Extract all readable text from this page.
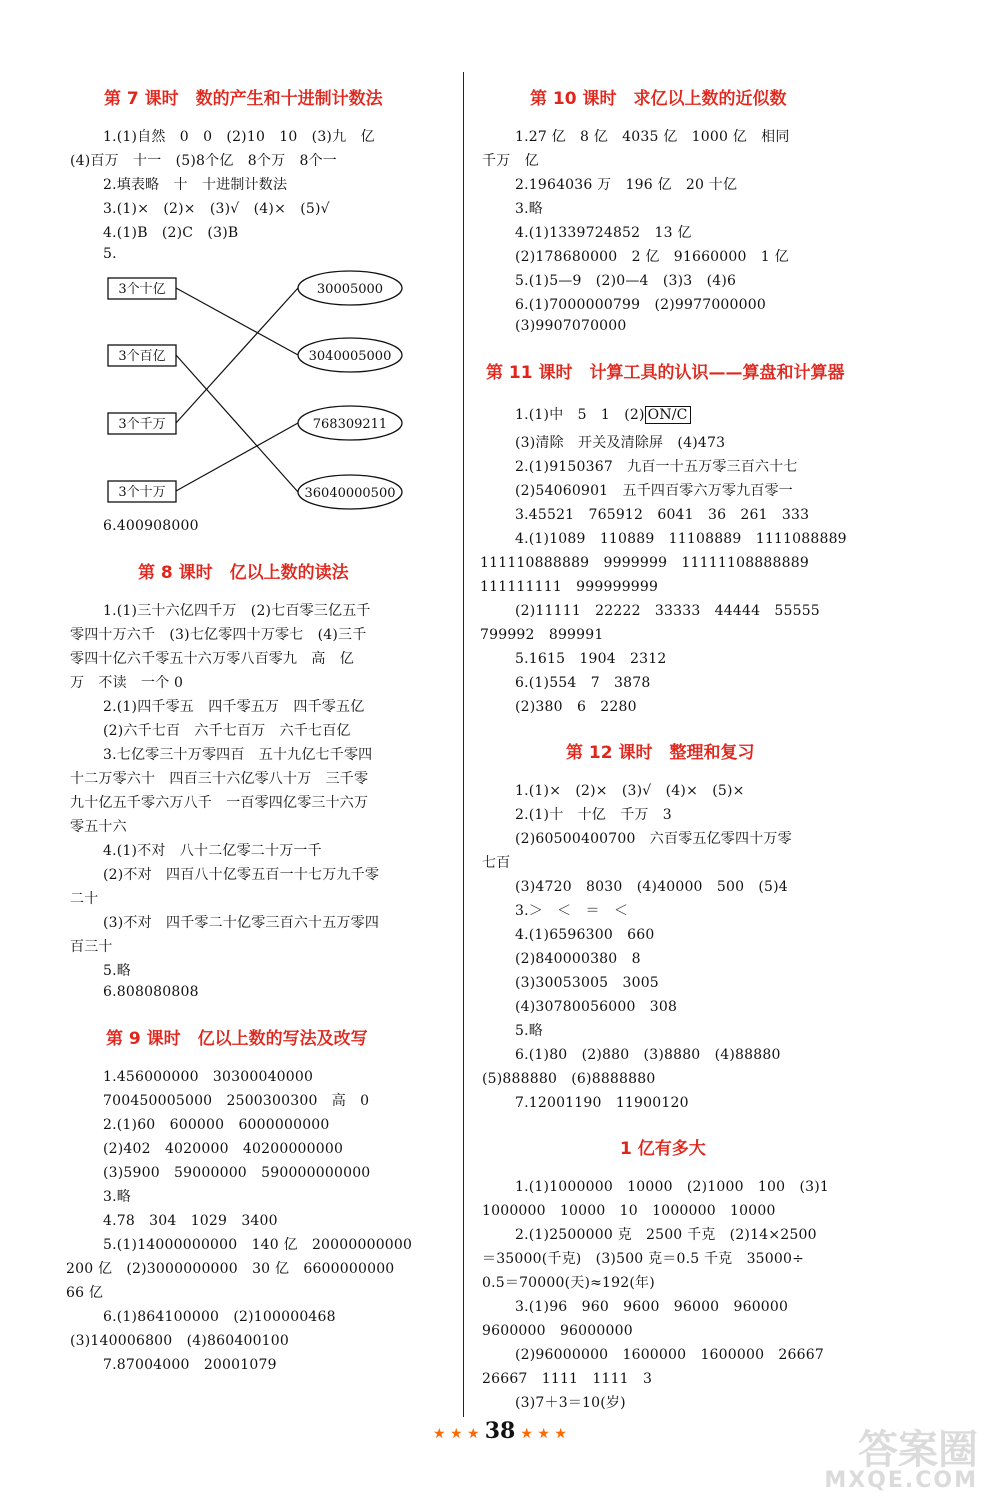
第 7 课时　数的产生和十进制计数法
1.(1)自然　0　0　(2)10　10　(3)九　亿
(4)百万　十一　(5)8个亿　8个万　8个一
2.填表略　十　十进制计数法
3.(1)×　(2)×　(3)√　(4)×　(5)√
4.(1)B　(2)C　(3)B
5.
3个十亿
3个百亿
3个千万
3个十万
30005000
3040005000
768309211
36040000500
6.400908000
第 8 课时　亿以上数的读法
1.(1)三十六亿四千万　(2)七百零三亿五千
零四十万六千　(3)七亿零四十万零七　(4)三千
零四十亿六千零五十六万零八百零九　高　亿
万　不读　一个 0
2.(1)四千零五　四千零五万　四千零五亿
(2)六千七百　六千七百万　六千七百亿
3.七亿零三十万零四百　五十九亿七千零四
十二万零六十　四百三十六亿零八十万　三千零
九十亿五千零六万八千　一百零四亿零三十六万
零五十六
4.(1)不对　八十二亿零二十万一千
(2)不对　四百八十亿零五百一十七万九千零
二十
(3)不对　四千零二十亿零三百六十五万零四
百三十
5.略
6.808080808
第 9 课时　亿以上数的写法及改写
1.456000000　30300040000
700450005000　2500300300　高　0
2.(1)60　600000　6000000000
(2)402　4020000　40200000000
(3)5900　59000000　590000000000
3.略
4.78　304　1029　3400
5.(1)14000000000　140 亿　20000000000
200 亿　(2)3000000000　30 亿　6600000000
66 亿
6.(1)864100000　(2)100000468
(3)140006800　(4)860400100
7.87004000　20001079
第 10 课时　求亿以上数的近似数
1.27 亿　8 亿　4035 亿　1000 亿　相同
千万　亿
2.1964036 万　196 亿　20 十亿
3.略
4.(1)1339724852　13 亿
(2)178680000　2 亿　91660000　1 亿
5.(1)5—9　(2)0—4　(3)3　(4)6
6.(1)7000000799　(2)9977000000
(3)9907070000
第 11 课时　计算工具的认识——算盘和计算器
1.(1)中　5　1　(2) ON/C
(3)清除　开关及清除屏　(4)473
2.(1)9150367　九百一十五万零三百六十七
(2)54060901　五千四百零六万零九百零一
3.45521　765912　6041　36　261　333
4.(1)1089　110889　11108889　1111088889
111110888889　9999999　11111108888889
111111111　999999999
(2)11111　22222　33333　44444　55555
799992　899991
5.1615　1904　2312
6.(1)554　7　3878
(2)380　6　2280
第 12 课时　整理和复习
1.(1)×　(2)×　(3)√　(4)×　(5)×
2.(1)十　十亿　千万　3
(2)60500400700　六百零五亿零四十万零
七百
(3)4720　8030　(4)40000　500　(5)4
3.＞　＜　＝　＜
4.(1)6596300　660
(2)840000380　8
(3)30053005　3005
(4)30780056000　308
5.略
6.(1)80　(2)880　(3)8880　(4)88880
(5)888880　(6)8888880
7.12001190　11900120
1 亿有多大
1.(1)1000000　10000　(2)1000　100　(3)1
1000000　10000　10　1000000　10000
2.(1)2500000 克　2500 千克　(2)14×2500
＝35000(千克)　(3)500 克＝0.5 千克　35000÷
0.5＝70000(天)≈192(年)
3.(1)96　960　9600　96000　960000
9600000　96000000
(2)96000000　1600000　1600000　26667
26667　1111　1111　3
(3)7＋3＝10(岁)
★ ★ ★ 38 ★ ★ ★	答案圈
MXQE.COM
